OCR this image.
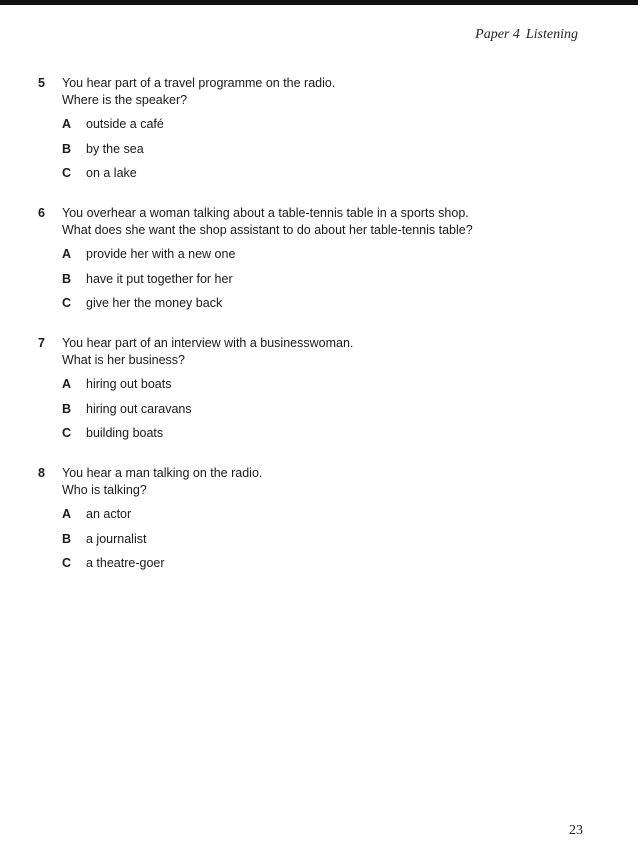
Paper 4 Listening
5	You hear part of a travel programme on the radio.
Where is the speaker?
A	outside a café
B	by the sea
C	on a lake
6	You overhear a woman talking about a table-tennis table in a sports shop.
What does she want the shop assistant to do about her table-tennis table?
A	provide her with a new one
B	have it put together for her
C	give her the money back
7	You hear part of an interview with a businesswoman.
What is her business?
A	hiring out boats
B	hiring out caravans
C	building boats
8	You hear a man talking on the radio.
Who is talking?
A	an actor
B	a journalist
C	a theatre-goer
23
